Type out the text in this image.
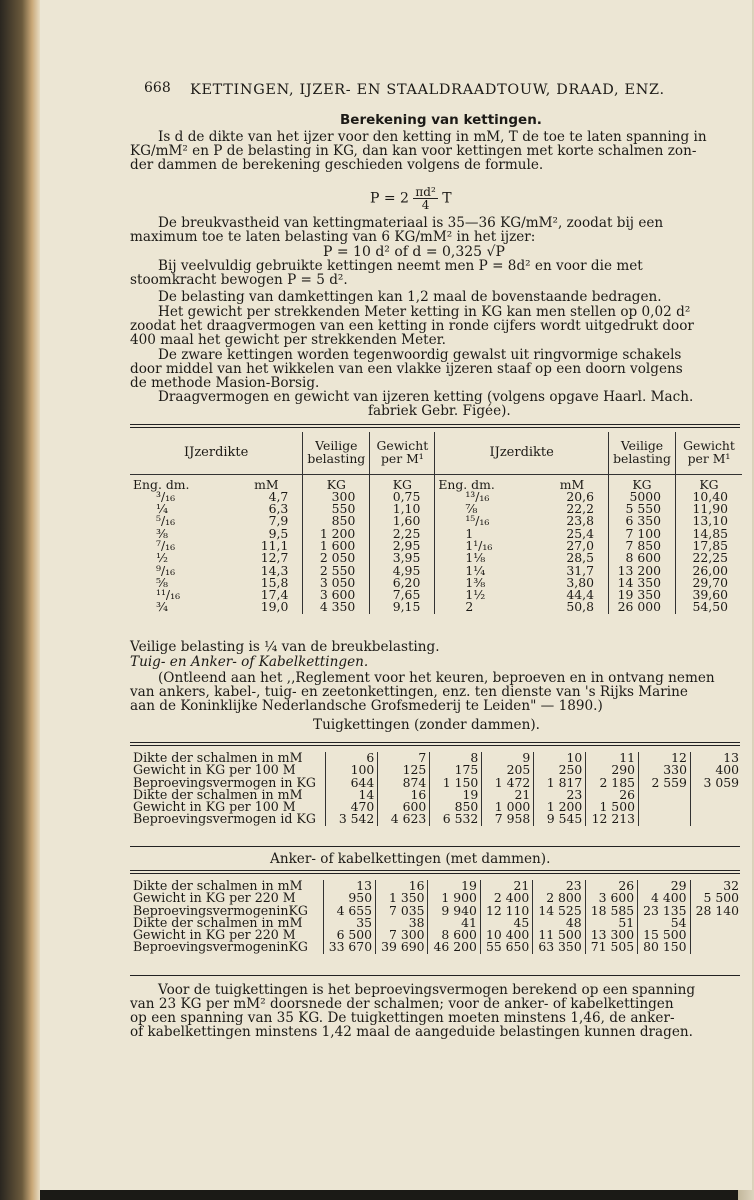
668 KETTINGEN, IJZER- EN STAALDRAADTOUW, DRAAD, ENZ.
Berekening van kettingen.
Is d de dikte van het ijzer voor den ketting in mM, T de toe te laten spanning in
KG/mM² en P de belasting in KG, dan kan voor kettingen met korte schalmen zon-
der dammen de berekening geschieden volgens de formule.
$P = 2 \frac{\text{πd²}}{4}$ T
De breukvastheid van kettingmateriaal is 35—36 KG/mM², zoodat bij een
maximum toe te laten belasting van 6 KG/mM² in het ijzer:
P = 10 d² of d = 0,325 √P
Bij veelvuldig gebruikte kettingen neemt men P = 8d² en voor die met
stoomkracht bewogen P = 5 d².
De belasting van damkettingen kan 1,2 maal de bovenstaande bedragen.
Het gewicht per strekkenden Meter ketting in KG kan men stellen op 0,02 d²
zoodat het draagvermogen van een ketting in ronde cijfers wordt uitgedrukt door
400 maal het gewicht per strekkenden Meter.
De zware kettingen worden tegenwoordig gewalst uit ringvormige schakels
door middel van het wikkelen van een vlakke ijzeren staaf op een doorn volgens
de methode Masion-Borsig.
Draagvermogen en gewicht van ijzeren ketting (volgens opgave Haarl. Mach.
fabriek Gebr. Figée).
IJzerdikte		Veilige belasting	Gewicht per M¹	IJzerdikte		Veilige belasting	Gewicht per M¹
Eng. dm.	mM	KG	KG	Eng. dm.	mM	KG	KG
³/₁₆	4,7	300	0,75	¹³/₁₆	20,6	5000	10,40
¼	6,3	550	1,10	⅞	22,2	5 550	11,90
⁵/₁₆	7,9	850	1,60	¹⁵/₁₆	23,8	6 350	13,10
⅜	9,5	1 200	2,25	1	25,4	7 100	14,85
⁷/₁₆	11,1	1 600	2,95	1¹/₁₆	27,0	7 850	17,85
½	12,7	2 050	3,95	1⅛	28,5	8 600	22,25
⁹/₁₆	14,3	2 550	4,95	1¼	31,7	13 200	26,00
⅝	15,8	3 050	6,20	1⅜	3,80	14 350	29,70
¹¹/₁₆	17,4	3 600	7,65	1½	44,4	19 350	39,60
¾	19,0	4 350	9,15	2	50,8	26 000	54,50
Veilige belasting is ¼ van de breukbelasting.
Tuig- en Anker- of Kabelkettingen.
(Ontleend aan het ,,Reglement voor het keuren, beproeven en in ontvang nemen
van ankers, kabel-, tuig- en zeetonkettingen, enz. ten dienste van 's Rijks Marine
aan de Koninklijke Nederlandsche Grofsmederij te Leiden" — 1890.)
Tuigkettingen (zonder dammen).
Dikte der schalmen in mM	6	7	8	9	10	11	12	13
Gewicht in KG per 100 M	100	125	175	205	250	290	330	400
Beproevingsvermogen in KG	644	874	1 150	1 472	1 817	2 185	2 559	3 059
Dikte der schalmen in mM	14	16	19	21	23	26		
Gewicht in KG per 100 M	470	600	850	1 000	1 200	1 500		
Beproevingsvermogen id KG	3 542	4 623	6 532	7 958	9 545	12 213		
Anker- of kabelkettingen (met dammen).
Dikte der schalmen in mM	13	16	19	21	23	26	29	32
Gewicht in KG per 220 M	950	1 350	1 900	2 400	2 800	3 600	4 400	5 500
BeproevingsvermogeninKG	4 655	7 035	9 940	12 110	14 525	18 585	23 135	28 140
Dikte der schalmen in mM	35	38	41	45	48	51	54	
Gewicht in KG per 220 M	6 500	7 300	8 600	10 400	11 500	13 300	15 500	
BeproevingsvermogeninKG	33 670	39 690	46 200	55 650	63 350	71 505	80 150	
Voor de tuigkettingen is het beproevingsvermogen berekend op een spanning
van 23 KG per mM² doorsnede der schalmen; voor de anker- of kabelkettingen
op een spanning van 35 KG. De tuigkettingen moeten minstens 1,46, de anker-
of kabelkettingen minstens 1,42 maal de aangeduide belastingen kunnen dragen.
